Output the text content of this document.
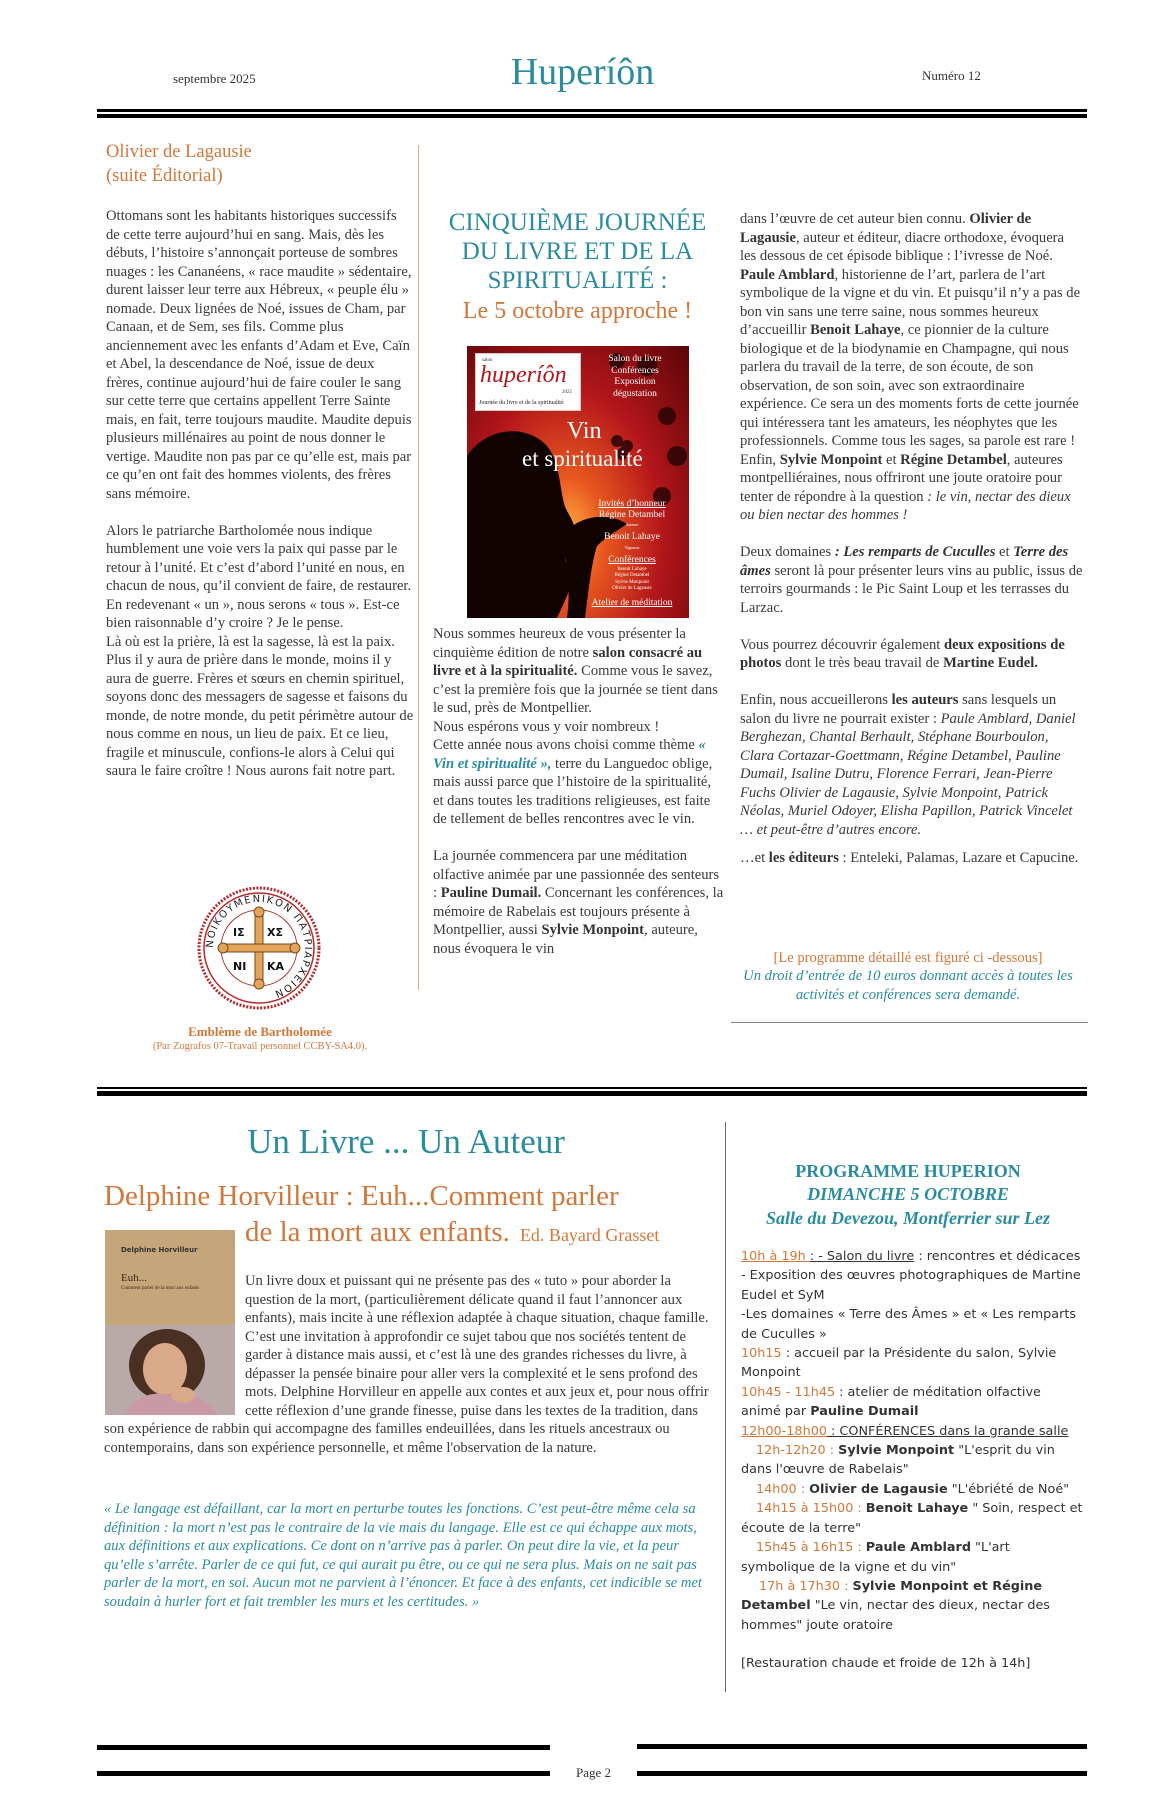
septembre 2025	Huperíôn	Numéro 12
Olivier de Lagausie
(suite Éditorial)

Ottomans sont les habitants historiques successifs de cette terre aujourd’hui en sang. Mais, dès les débuts, l’histoire s’annonçait porteuse de sombres nuages : les Cananéens, « race maudite » sédentaire, durent laisser leur terre aux Hébreux, « peuple élu » nomade. Deux lignées de Noé, issues de Cham, par Canaan, et de Sem, ses fils. Comme plus anciennement avec les enfants d’Adam et Eve, Caïn et Abel, la descendance de Noé, issue de deux frères, continue aujourd’hui de faire couler le sang sur cette terre que certains appellent Terre Sainte mais, en fait, terre toujours maudite. Maudite depuis plusieurs millénaires au point de nous donner le vertige. Maudite non pas par ce qu’elle est, mais par ce qu’en ont fait des hommes violents, des frères sans mémoire.

Alors le patriarche Bartholomée nous indique humblement une voie vers la paix qui passe par le retour à l’unité. Et c’est d’abord l’unité en nous, en chacun de nous, qu’il convient de faire, de restaurer. En redevenant « un », nous serons « tous ». Est-ce bien raisonnable d’y croire ? Je le pense.

Là où est la prière, là est la sagesse, là est la paix. Plus il y aura de prière dans le monde, moins il y aura de guerre. Frères et sœurs en chemin spirituel, soyons donc des messagers de sagesse et faisons du monde, de notre monde, du petit périmètre autour de nous comme en nous, un lieu de paix. Et ce lieu, fragile et minuscule, confions-le alors à Celui qui saura le faire croître ! Nous aurons fait notre part.

ΝΟΙΚΟΥΜΕΝΙΚΟΝ ΠΑΤΡΙΑΡΧΕΙΟΝ
ΙΣ ΧΣ
ΝΙ ΚΑ
Emblème de Bartholomée
(Par Zografos 07-Travail personnel CCBY-SA4.0).
CINQUIÈME JOURNÉE
DU LIVRE ET DE LA
SPIRITUALITÉ :
Le 5 octobre approche !
salon
huperíôn
2025
Journée du livre et de la spiritualité
Salon du livre
Conférences
Exposition
dégustation
Vin
et spiritualité
Invités d’honneur
Régine Detambel
Auteure
Benoit Lahaye
Vigneron
Conférences
Benoit Lahaye
Régine Detambel
Sylvie Monpoint
Olivier de Lagausie
Atelier de méditation

Nous sommes heureux de vous présenter la cinquième édition de notre salon consacré au livre et à la spiritualité. Comme vous le savez, c’est la première fois que la journée se tient dans le sud, près de Montpellier.

Nous espérons vous y voir nombreux !

Cette année nous avons choisi comme thème « Vin et spiritualité », terre du Languedoc oblige, mais aussi parce que l’histoire de la spiritualité, et dans toutes les traditions religieuses, est faite de tellement de belles rencontres avec le vin.

La journée commencera par une méditation olfactive animée par une passionnée des senteurs : Pauline Dumail. Concernant les conférences, la mémoire de Rabelais est toujours présente à Montpellier, aussi Sylvie Monpoint, auteure, nous évoquera le vin

dans l’œuvre de cet auteur bien connu. Olivier de Lagausie, auteur et éditeur, diacre orthodoxe, évoquera les dessous de cet épisode biblique : l’ivresse de Noé. Paule Amblard, historienne de l’art, parlera de l’art symbolique de la vigne et du vin. Et puisqu’il n’y a pas de bon vin sans une terre saine, nous sommes heureux d’accueillir Benoit Lahaye, ce pionnier de la culture biologique et de la biodynamie en Champagne, qui nous parlera du travail de la terre, de son écoute, de son observation, de son soin, avec son extraordinaire expérience. Ce sera un des moments forts de cette journée qui intéressera tant les amateurs, les néophytes que les professionnels. Comme tous les sages, sa parole est rare ! Enfin, Sylvie Monpoint et Régine Detambel, auteures montpelliéraines, nous offriront une joute oratoire pour tenter de répondre à la question : le vin, nectar des dieux ou bien nectar des hommes !

Deux domaines : Les remparts de Cuculles et Terre des âmes seront là pour présenter leurs vins au public, issus de terroirs gourmands : le Pic Saint Loup et les terrasses du Larzac.

Vous pourrez découvrir également deux expositions de photos dont le très beau travail de Martine Eudel.

Enfin, nous accueillerons les auteurs sans lesquels un salon du livre ne pourrait exister : Paule Amblard, Daniel Berghezan, Chantal Berhault, Stéphane Bourboulon, Clara Cortazar-Goettmann, Régine Detambel, Pauline Dumail, Isaline Dutru, Florence Ferrari, Jean-Pierre Fuchs Olivier de Lagausie, Sylvie Monpoint, Patrick Néolas, Muriel Odoyer, Elisha Papillon, Patrick Vincelet … et peut-être d’autres encore.

…et les éditeurs : Enteleki, Palamas, Lazare et Capucine.

[Le programme détaillé est figuré ci -dessous]
Un droit d’entrée de 10 euros donnant accès à toutes les activités et conférences sera demandé.
Un Livre ... Un Auteur
Delphine Horvilleur : Euh...Comment parler
de la mort aux enfants. Ed. Bayard Grasset
Delphine Horvilleur
Euh...
Comment parler de la mort aux enfants	Un livre doux et puissant qui ne présente pas des « tuto » pour aborder la question de la mort, (particulièrement délicate quand il faut l’annoncer aux enfants), mais incite à une réflexion adaptée à chaque situation, chaque famille. C’est une invitation à approfondir ce sujet tabou que nos sociétés tentent de garder à distance mais aussi, et c’est là une des grandes richesses du livre, à dépasser la pensée binaire pour aller vers la complexité et le sens profond des mots. Delphine Horvilleur en appelle aux contes et aux jeux et, pour nous offrir cette réflexion d’une grande finesse, puise dans les textes de la tradition, dans son expérience de rabbin qui accompagne des familles endeuillées, dans les rituels ancestraux ou contemporains, dans son expérience personnelle, et même l'observation de la nature.

« Le langage est défaillant, car la mort en perturbe toutes les fonctions. C’est peut-être même cela sa définition : la mort n’est pas le contraire de la vie mais du langage. Elle est ce qui échappe aux mots, aux définitions et aux explications. Ce dont on n’arrive pas à parler. On peut dire la vie, et la peur qu’elle s’arrête. Parler de ce qui fut, ce qui aurait pu être, ou ce qui ne sera plus. Mais on ne sait pas parler de la mort, en soi. Aucun mot ne parvient à l’énoncer. Et face à des enfants, cet indicible se met soudain à hurler fort et fait trembler les murs et les certitudes. »
PROGRAMME HUPERION
DIMANCHE 5 OCTOBRE
Salle du Devezou, Montferrier sur Lez
10h à 19h : - Salon du livre : rencontres et dédicaces
- Exposition des œuvres photographiques de Martine Eudel et SyM
-Les domaines « Terre des Âmes » et « Les remparts de Cuculles »
10h15 : accueil par la Présidente du salon, Sylvie Monpoint
10h45 - 11h45 : atelier de méditation olfactive animé par Pauline Dumail
12h00-18h00 : CONFÉRENCES dans la grande salle
12h-12h20 : Sylvie Monpoint "L'esprit du vin dans l'œuvre de Rabelais"
14h00 : Olivier de Lagausie "L'ébriété de Noé"
14h15 à 15h00 : Benoit Lahaye " Soin, respect et écoute de la terre"
15h45 à 16h15 : Paule Amblard "L'art symbolique de la vigne et du vin"
17h à 17h30 : Sylvie Monpoint et Régine Detambel "Le vin, nectar des dieux, nectar des hommes" joute oratoire
[Restauration chaude et froide de 12h à 14h]
Page 2
